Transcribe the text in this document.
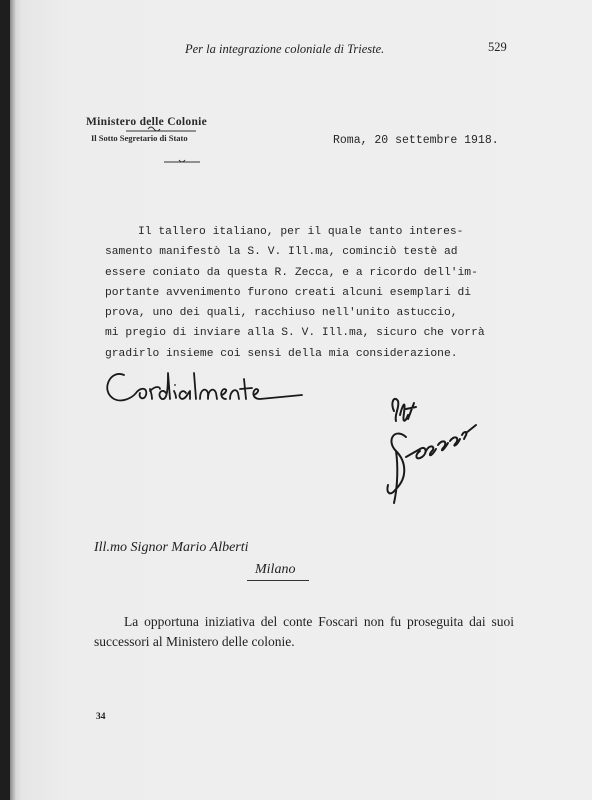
Per la integrazione coloniale di Trieste.	529
Ministero delle Colonie
Il Sotto Segretario di Stato	Roma, 20 settembre 1918.
Il tallero italiano, per il quale tanto interes-
samento manifestò la S. V. Ill.ma, cominciò testè ad
essere coniato da questa R. Zecca, e a ricordo dell'im-
portante avvenimento furono creati alcuni esemplari di
prova, uno dei quali, racchiuso nell'unito astuccio,
mi pregio di inviare alla S. V. Ill.ma, sicuro che vorrà
gradirlo insieme coi sensi della mia considerazione.
Ill.mo Signor Mario Alberti
Milano
La opportuna iniziativa del conte Foscari non fu proseguita dai suoi successori al Ministero delle colonie.
34
